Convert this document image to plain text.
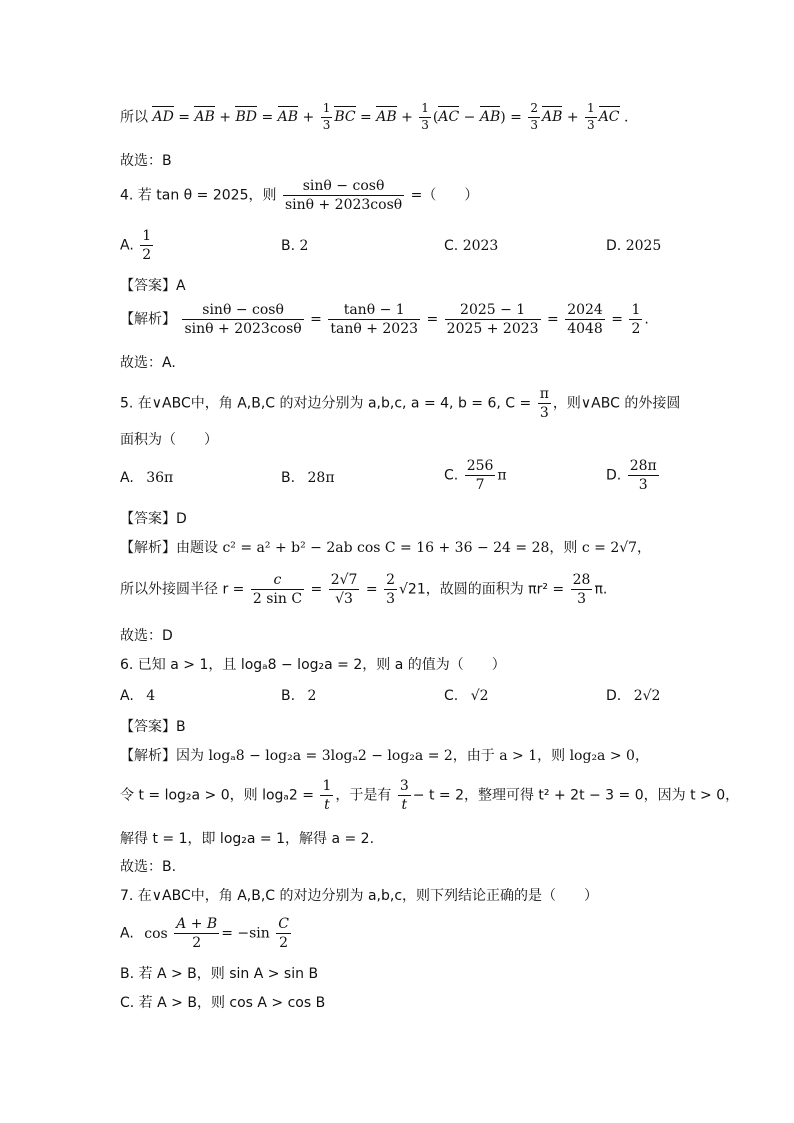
所以 AD = AB + BD = AB + $\frac{1}{3}$ BC = AB + $\frac{1}{3} (AC - AB) = \frac{2}{3}$ AB + $\frac{1}{3}$ AC .
故选：B
4. 若 tan θ = 2025，则 $\frac{\sin\theta - \cos\theta}{\sin\theta + 2023\cos\theta}$ =（　　）
A. $\frac{1}{2}$	B. 2	C. 2023	D. 2025
【答案】A
【解析】 $\frac{\sin\theta - \cos\theta}{\sin\theta + 2023\cos\theta} = \frac{\tan\theta - 1}{\tan\theta + 2023} = \frac{2025 - 1}{2025 + 2023} = \frac{2024}{4048} = \frac{1}{2}$ .
故选：A.
5. 在∨ABC中，角 A,B,C 的对边分别为 a,b,c, a = 4, b = 6, $C = \frac{\pi}{3}$ ，则∨ABC 的外接圆
面积为（　　）
A. 36π	B. 28π	C. $\frac{256}{7}$ π	D. $\frac{28\pi}{3}$
【答案】D
【解析】由题设 c² = a² + b² − 2ab cos C = 16 + 36 − 24 = 28，则 c = 2√7，
所以外接圆半径 $r = \frac{c}{\text{2 sin C}} = \frac{2√7}{√3} = \frac{2}{3} √21$，故圆的面积为 $\pi r^2 = \frac{28}{3} \pi$.
故选：D
6. 已知 a > 1，且 logₐ8 − log₂a = 2，则 a 的值为（　　）
A. 4	B. 2	C. √2	D. 2√2
【答案】B
【解析】因为 logₐ8 − log₂a = 3logₐ2 − log₂a = 2，由于 a > 1，则 log₂a > 0，
令 t = log₂a > 0，则 $\log_a2 = \frac{1}{t}$ ，于是有 $\frac{3}{t} - t = 2$，整理可得 t² + 2t − 3 = 0，因为 t > 0，
解得 t = 1，即 log₂a = 1，解得 a = 2.
故选：B.
7. 在∨ABC中，角 A,B,C 的对边分别为 a,b,c，则下列结论正确的是（　　）
A. $\cos \frac{A + B}{2} = -\sin \frac{C}{2}$
B. 若 A > B，则 sin A > sin B
C. 若 A > B，则 cos A > cos B
